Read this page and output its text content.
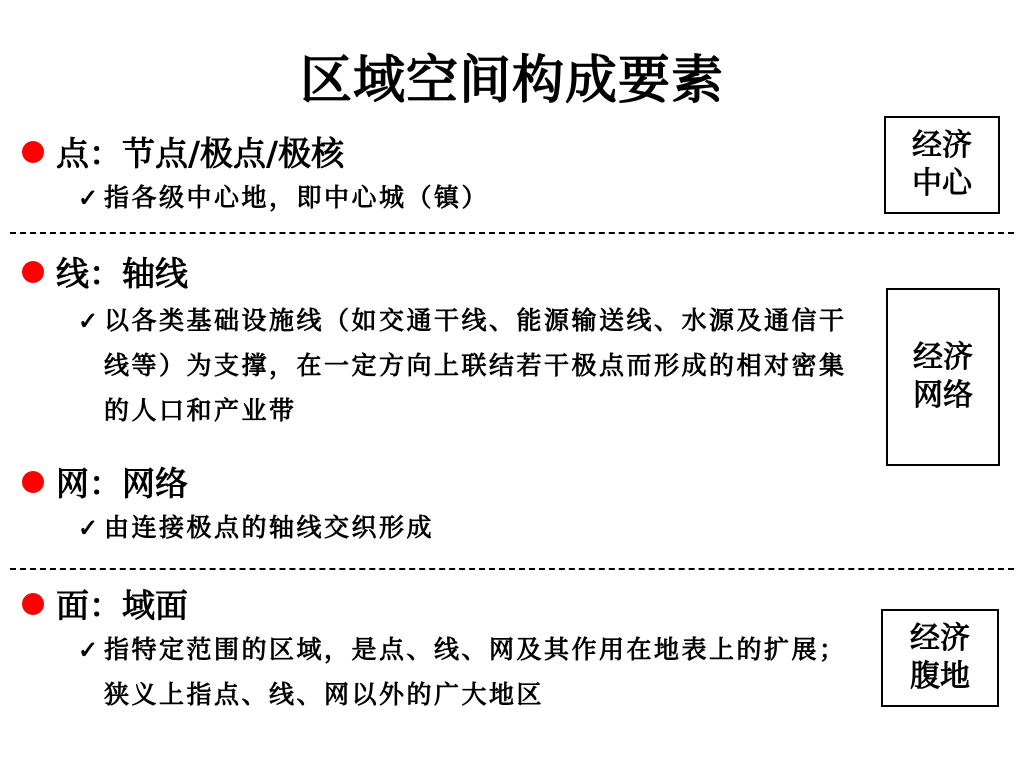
区域空间构成要素
点：节点/极点/极核
✓ 指各级中心地，即中心城（镇）
线：轴线
✓ 以各类基础设施线（如交通干线、能源输送线、水源及通信干线等）为支撑，在一定方向上联结若干极点而形成的相对密集的人口和产业带
网：网络
✓ 由连接极点的轴线交织形成
面：域面
✓ 指特定范围的区域，是点、线、网及其作用在地表上的扩展；狭义上指点、线、网以外的广大地区
经济
中心
经济
网络
经济
腹地
